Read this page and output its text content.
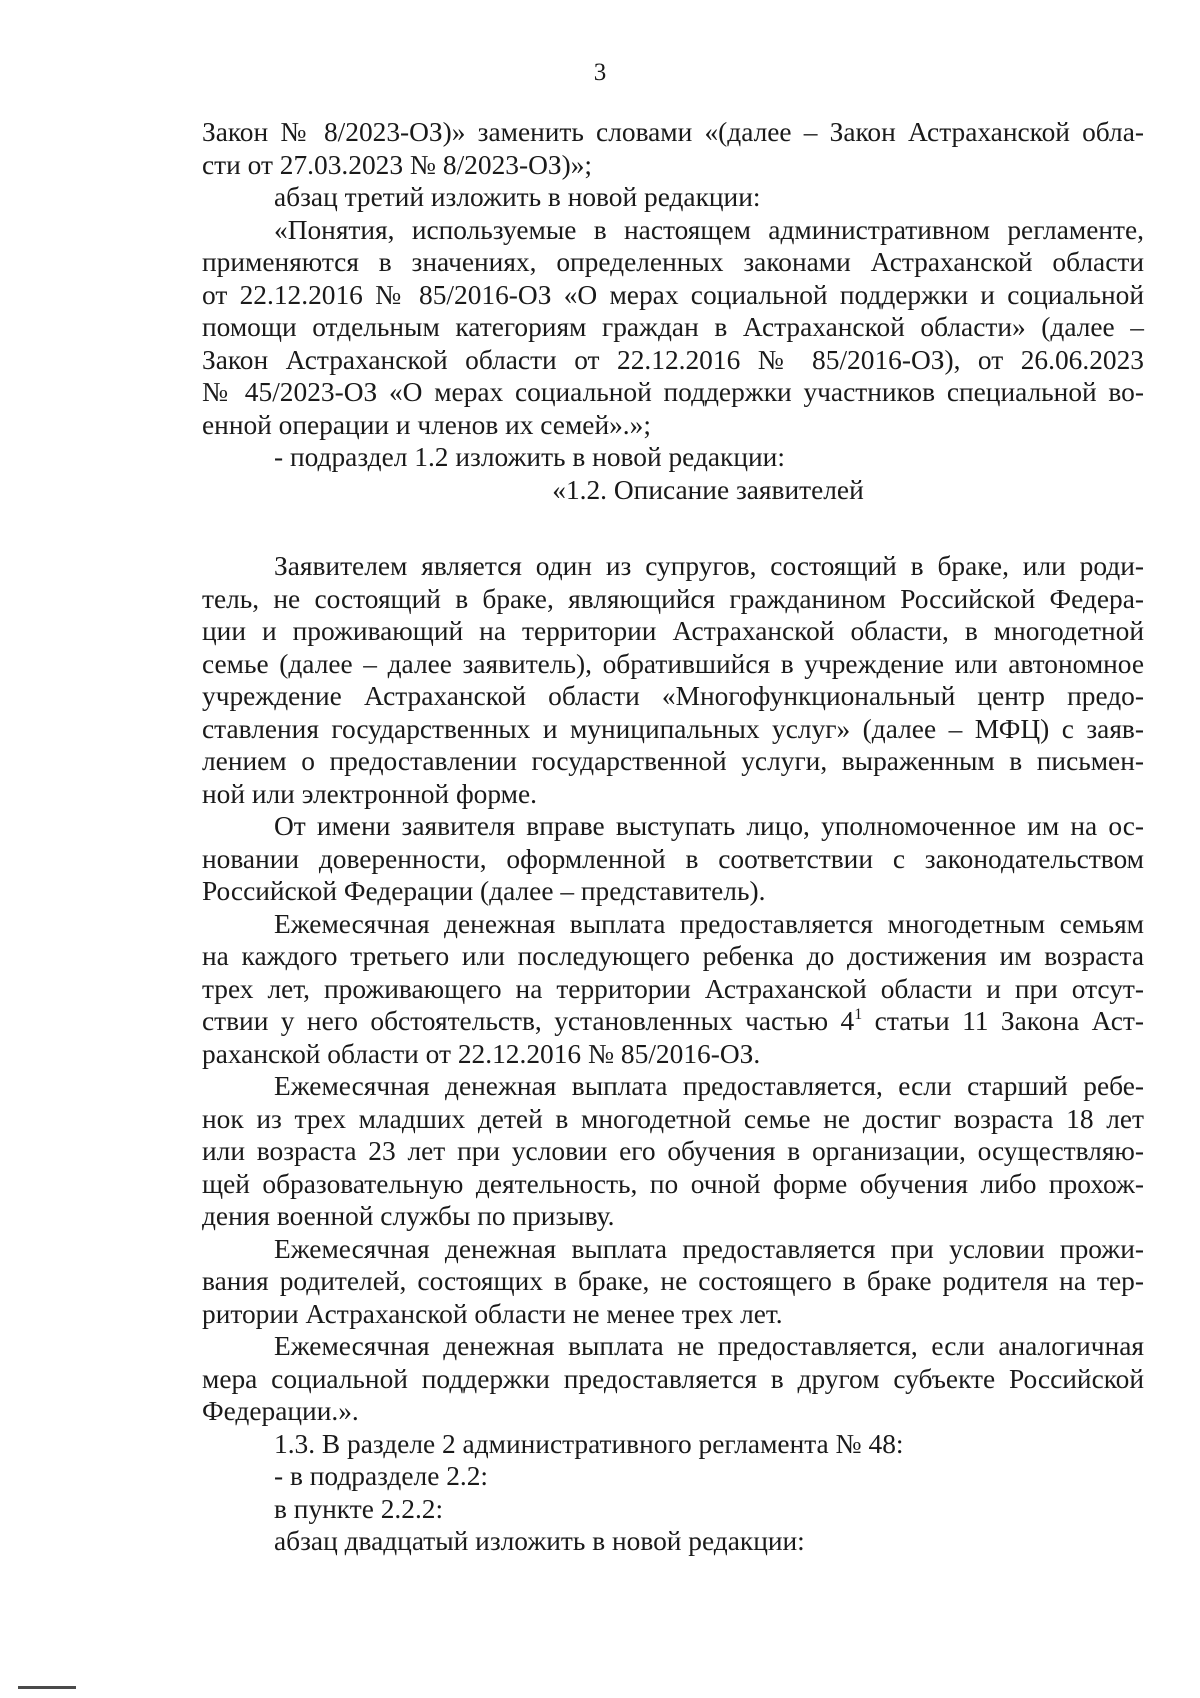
3
Закон № 8/2023-ОЗ)» заменить словами «(далее – Закон Астраханской обла-
сти от 27.03.2023 № 8/2023-ОЗ)»;
абзац третий изложить в новой редакции:
«Понятия, используемые в настоящем административном регламенте,
применяются в значениях, определенных законами Астраханской области
от 22.12.2016 № 85/2016-ОЗ «О мерах социальной поддержки и социальной
помощи отдельным категориям граждан в Астраханской области» (далее –
Закон Астраханской области от 22.12.2016 № 85/2016-ОЗ), от 26.06.2023
№ 45/2023-ОЗ «О мерах социальной поддержки участников специальной во-
енной операции и членов их семей».»;
- подраздел 1.2 изложить в новой редакции:
«1.2. Описание заявителей
Заявителем является один из супругов, состоящий в браке, или роди-
тель, не состоящий в браке, являющийся гражданином Российской Федера-
ции и проживающий на территории Астраханской области, в многодетной
семье (далее – далее заявитель), обратившийся в учреждение или автономное
учреждение Астраханской области «Многофункциональный центр предо-
ставления государственных и муниципальных услуг» (далее – МФЦ) с заяв-
лением о предоставлении государственной услуги, выраженным в письмен-
ной или электронной форме.
От имени заявителя вправе выступать лицо, уполномоченное им на ос-
новании доверенности, оформленной в соответствии с законодательством
Российской Федерации (далее – представитель).
Ежемесячная денежная выплата предоставляется многодетным семьям
на каждого третьего или последующего ребенка до достижения им возраста
трех лет, проживающего на территории Астраханской области и при отсут-
ствии у него обстоятельств, установленных частью $4^1$ статьи 11 Закона Аст-
раханской области от 22.12.2016 № 85/2016-ОЗ.
Ежемесячная денежная выплата предоставляется, если старший ребе-
нок из трех младших детей в многодетной семье не достиг возраста 18 лет
или возраста 23 лет при условии его обучения в организации, осуществляю-
щей образовательную деятельность, по очной форме обучения либо прохож-
дения военной службы по призыву.
Ежемесячная денежная выплата предоставляется при условии прожи-
вания родителей, состоящих в браке, не состоящего в браке родителя на тер-
ритории Астраханской области не менее трех лет.
Ежемесячная денежная выплата не предоставляется, если аналогичная
мера социальной поддержки предоставляется в другом субъекте Российской
Федерации.».
1.3. В разделе 2 административного регламента № 48:
- в подразделе 2.2:
в пункте 2.2.2:
абзац двадцатый изложить в новой редакции:
